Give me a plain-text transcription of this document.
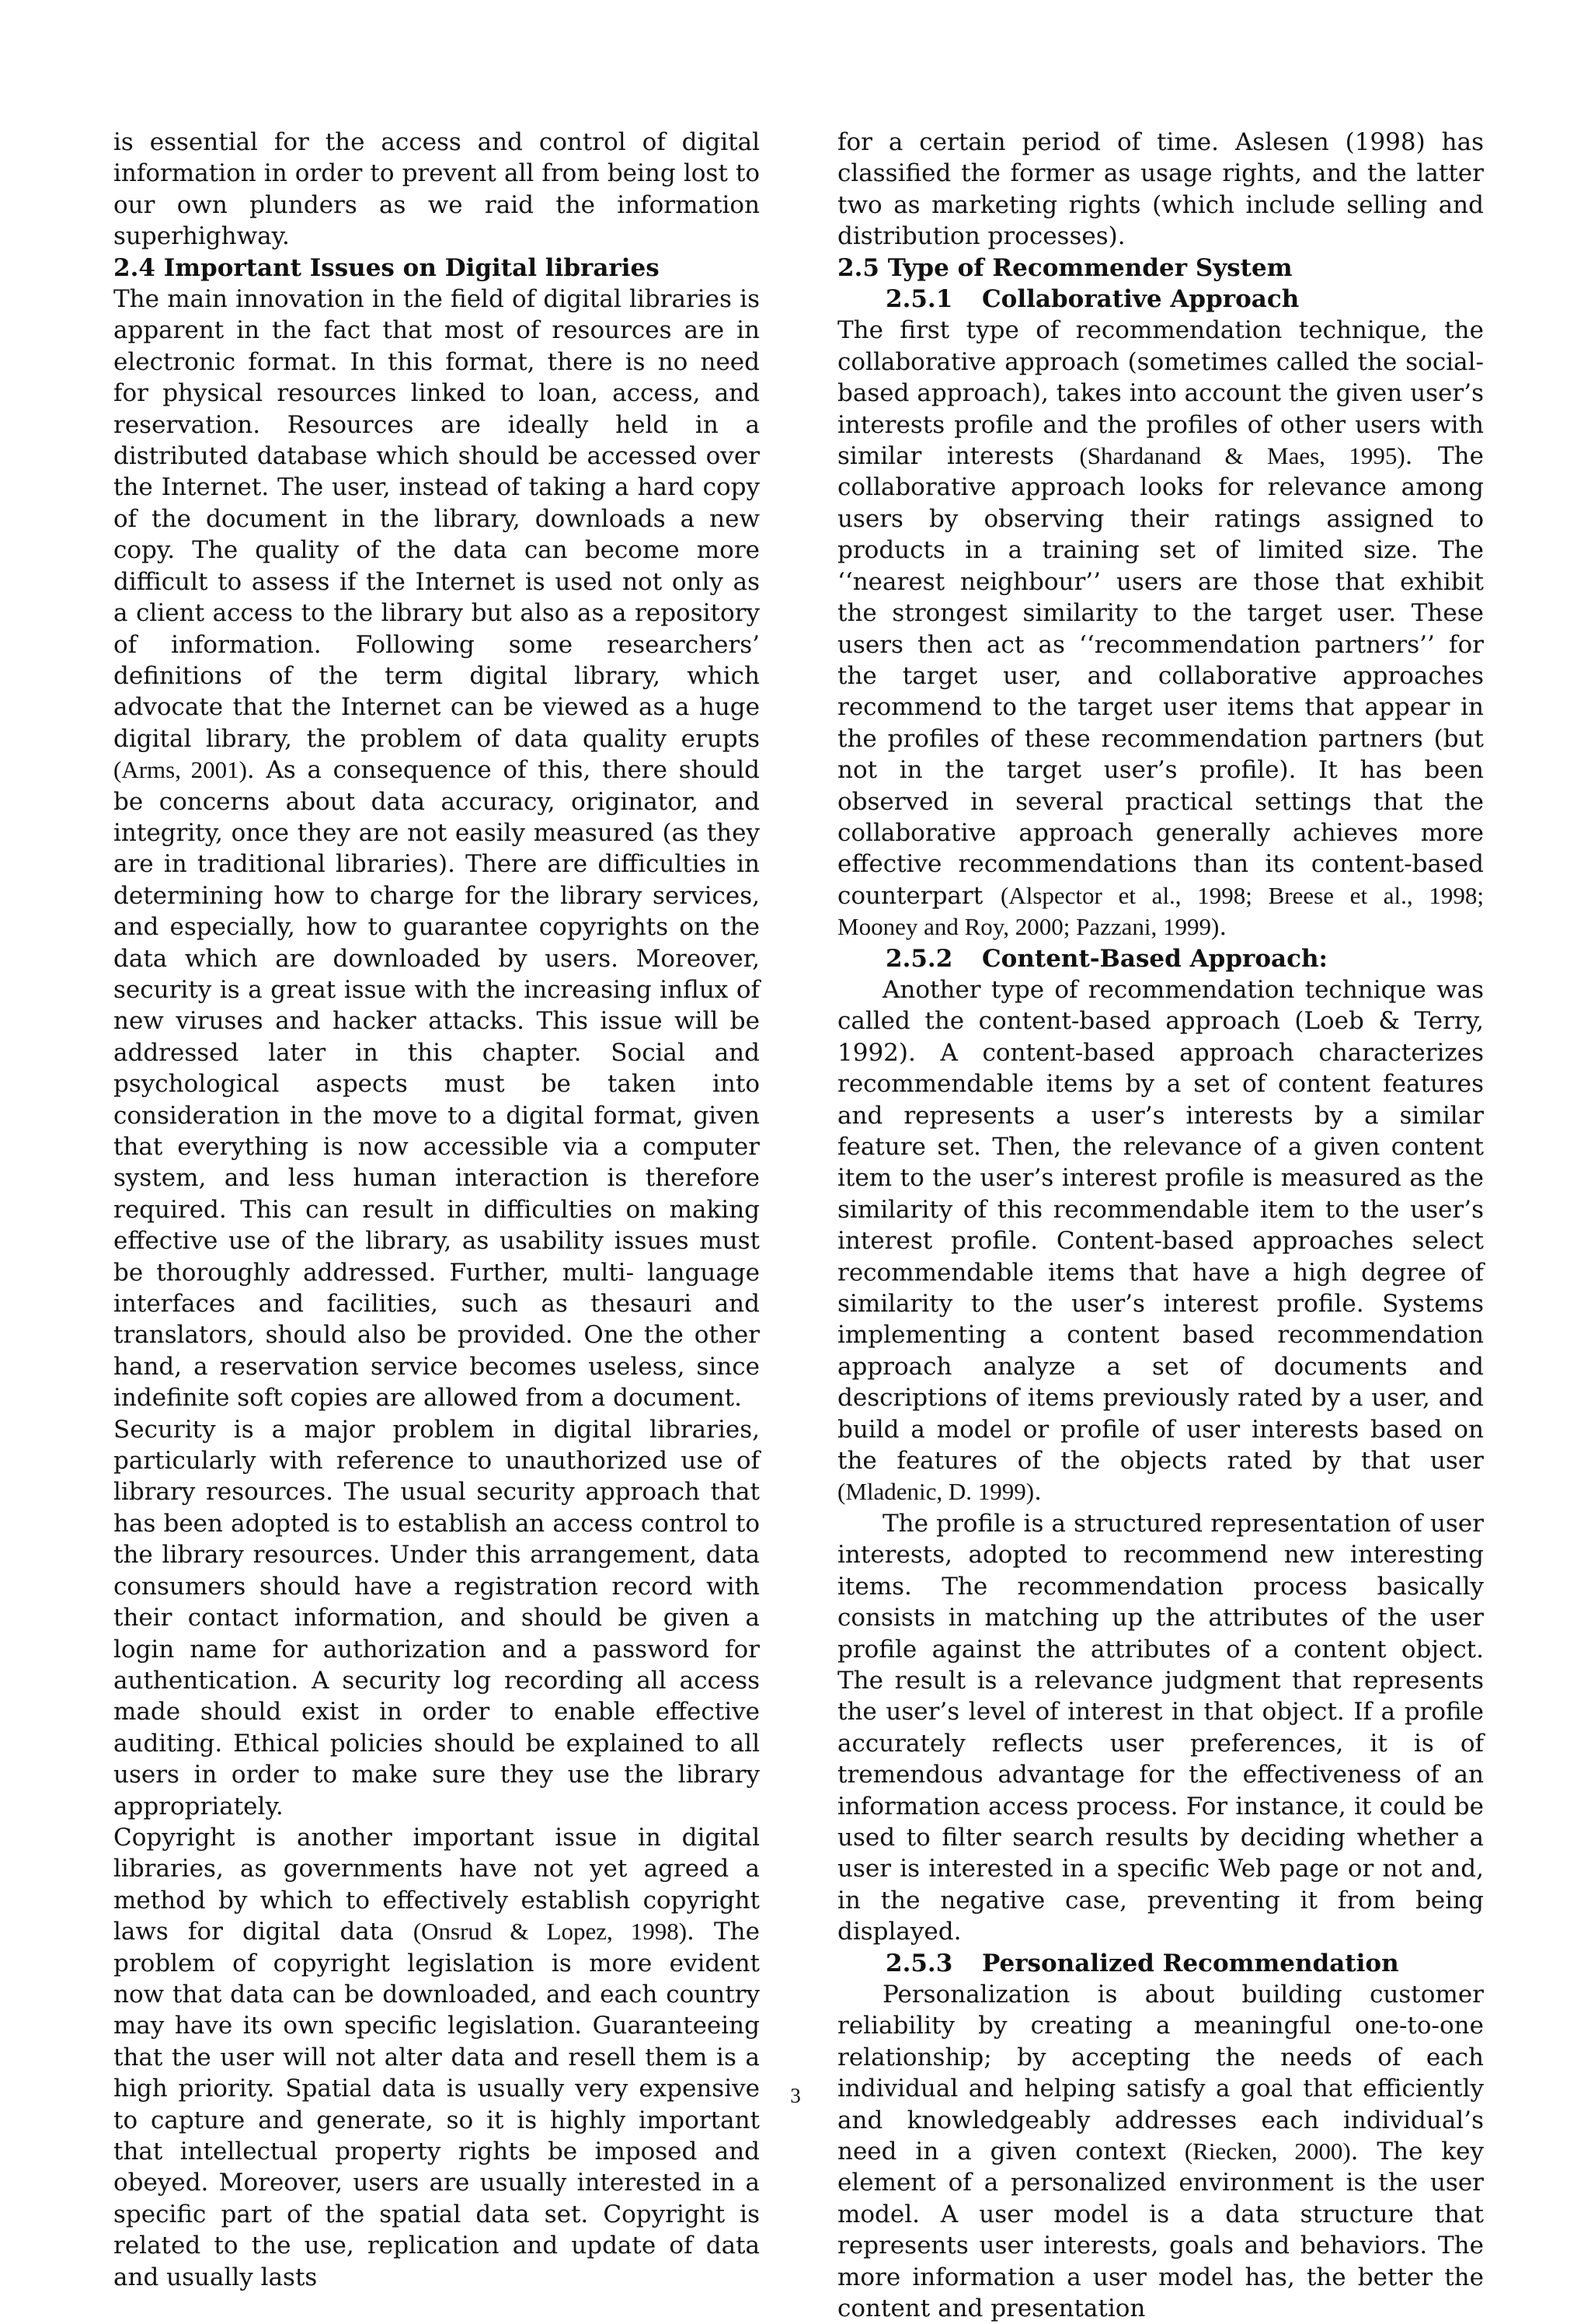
is essential for the access and control of digital information in order to prevent all from being lost to our own plunders as we raid the information superhighway.

2.4 Important Issues on Digital libraries

The main innovation in the field of digital libraries is apparent in the fact that most of resources are in electronic format. In this format, there is no need for physical resources linked to loan, access, and reservation. Resources are ideally held in a distributed database which should be accessed over the Internet. The user, instead of taking a hard copy of the document in the library, downloads a new copy. The quality of the data can become more difficult to assess if the Internet is used not only as a client access to the library but also as a repository of information. Following some researchers’ definitions of the term digital library, which advocate that the Internet can be viewed as a huge digital library, the problem of data quality erupts (Arms, 2001). As a consequence of this, there should be concerns about data accuracy, originator, and integrity, once they are not easily measured (as they are in traditional libraries). There are difficulties in determining how to charge for the library services, and especially, how to guarantee copyrights on the data which are downloaded by users. Moreover, security is a great issue with the increasing influx of new viruses and hacker attacks. This issue will be addressed later in this chapter. Social and psychological aspects must be taken into consideration in the move to a digital format, given that everything is now accessible via a computer system, and less human interaction is therefore required. This can result in difficulties on making effective use of the library, as usability issues must be thoroughly addressed. Further, multi- language interfaces and facilities, such as thesauri and translators, should also be provided. One the other hand, a reservation service becomes useless, since indefinite soft copies are allowed from a document.

Security is a major problem in digital libraries, particularly with reference to unauthorized use of library resources. The usual security approach that has been adopted is to establish an access control to the library resources. Under this arrangement, data consumers should have a registration record with their contact information, and should be given a login name for authorization and a password for authentication. A security log recording all access made should exist in order to enable effective auditing. Ethical policies should be explained to all users in order to make sure they use the library appropriately.

Copyright is another important issue in digital libraries, as governments have not yet agreed a method by which to effectively establish copyright laws for digital data (Onsrud & Lopez, 1998). The problem of copyright legislation is more evident now that data can be downloaded, and each country may have its own specific legislation. Guaranteeing that the user will not alter data and resell them is a high priority. Spatial data is usually very expensive to capture and generate, so it is highly important that intellectual property rights be imposed and obeyed. Moreover, users are usually interested in a specific part of the spatial data set. Copyright is related to the use, replication and update of data and usually lasts

for a certain period of time. Aslesen (1998) has classified the former as usage rights, and the latter two as marketing rights (which include selling and distribution processes).

2.5 Type of Recommender System
2.5.1 Collaborative Approach

The first type of recommendation technique, the collaborative approach (sometimes called the social-based approach), takes into account the given user’s interests profile and the profiles of other users with similar interests (Shardanand & Maes, 1995). The collaborative approach looks for relevance among users by observing their ratings assigned to products in a training set of limited size. The ‘‘nearest neighbour’’ users are those that exhibit the strongest similarity to the target user. These users then act as ‘‘recommendation partners’’ for the target user, and collaborative approaches recommend to the target user items that appear in the profiles of these recommendation partners (but not in the target user’s profile). It has been observed in several practical settings that the collaborative approach generally achieves more effective recommendations than its content-based counterpart (Alspector et al., 1998; Breese et al., 1998; Mooney and Roy, 2000; Pazzani, 1999).

2.5.2 Content-Based Approach:

Another type of recommendation technique was called the content-based approach (Loeb & Terry, 1992). A content-based approach characterizes recommendable items by a set of content features and represents a user’s interests by a similar feature set. Then, the relevance of a given content item to the user’s interest profile is measured as the similarity of this recommendable item to the user’s interest profile. Content-based approaches select recommendable items that have a high degree of similarity to the user’s interest profile. Systems implementing a content based recommendation approach analyze a set of documents and descriptions of items previously rated by a user, and build a model or profile of user interests based on the features of the objects rated by that user (Mladenic, D. 1999).

The profile is a structured representation of user interests, adopted to recommend new interesting items. The recommendation process basically consists in matching up the attributes of the user profile against the attributes of a content object. The result is a relevance judgment that represents the user’s level of interest in that object. If a profile accurately reflects user preferences, it is of tremendous advantage for the effectiveness of an information access process. For instance, it could be used to filter search results by deciding whether a user is interested in a specific Web page or not and, in the negative case, preventing it from being displayed.

2.5.3 Personalized Recommendation

Personalization is about building customer reliability by creating a meaningful one-to-one relationship; by accepting the needs of each individual and helping satisfy a goal that efficiently and knowledgeably addresses each individual’s need in a given context (Riecken, 2000). The key element of a personalized environment is the user model. A user model is a data structure that represents user interests, goals and behaviors. The more information a user model has, the better the content and presentation

3
